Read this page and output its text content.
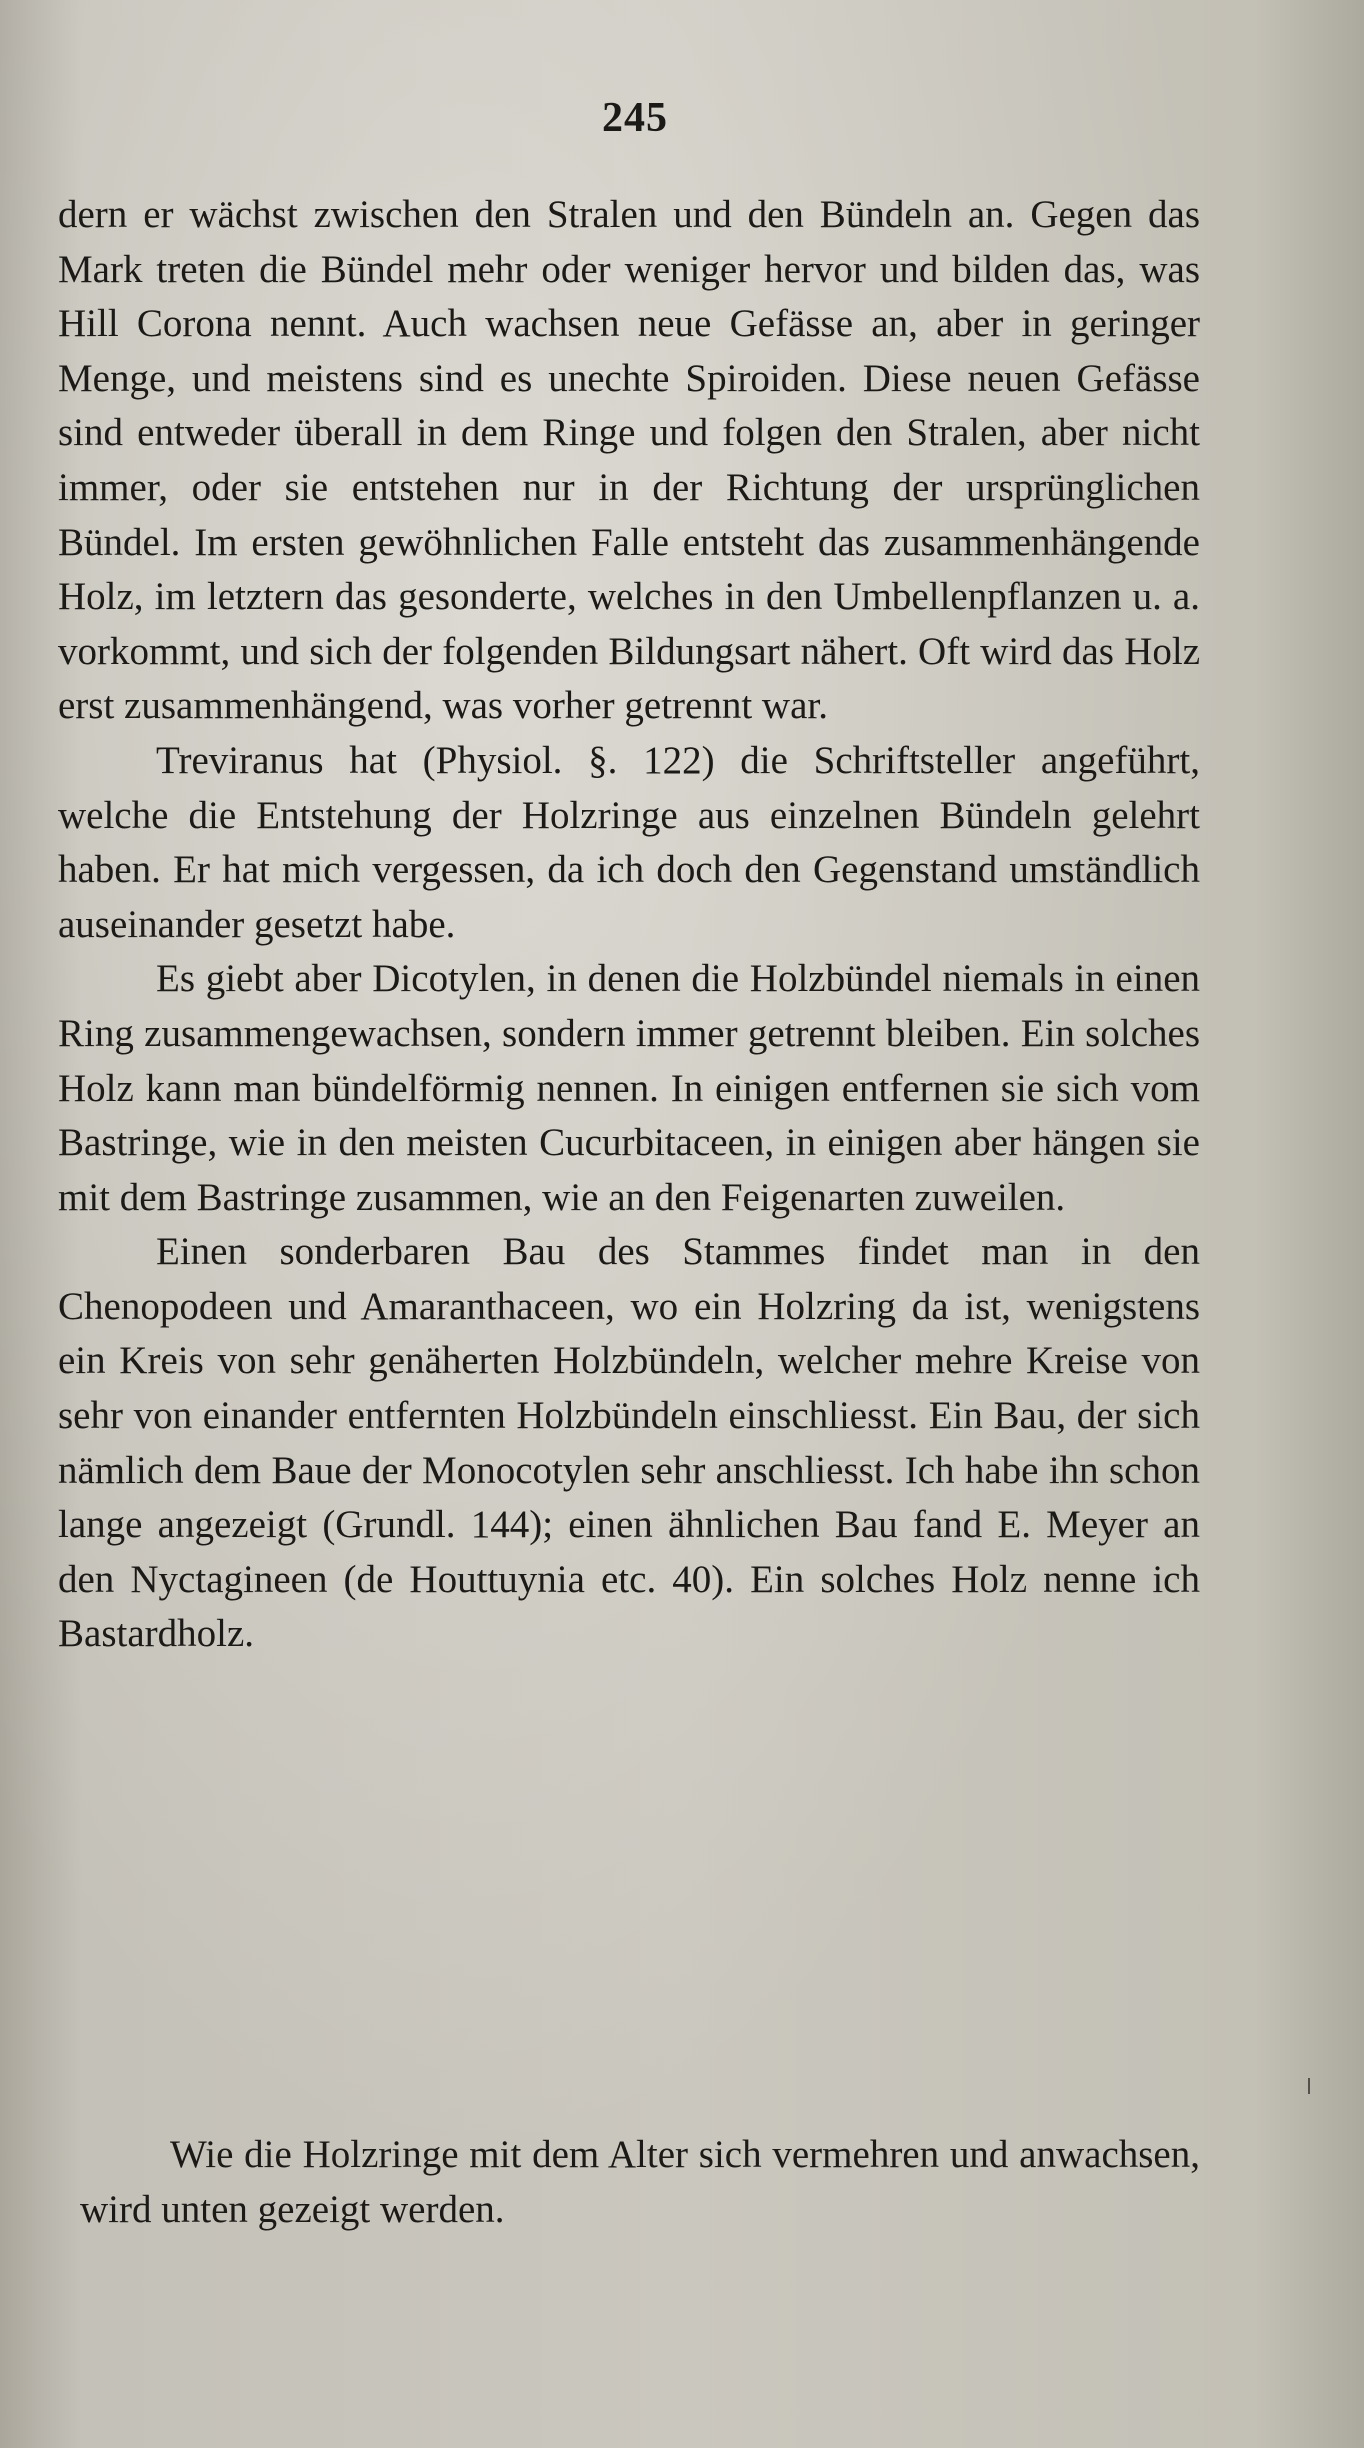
245

dern er wächst zwischen den Stralen und den Bündeln an. Gegen das Mark treten die Bündel mehr oder weniger hervor und bilden das, was Hill Corona nennt. Auch wachsen neue Gefässe an, aber in geringer Menge, und meistens sind es unechte Spiroiden. Diese neuen Gefässe sind entweder überall in dem Ringe und folgen den Stralen, aber nicht immer, oder sie entstehen nur in der Richtung der ursprünglichen Bündel. Im ersten gewöhnlichen Falle entsteht das zusammenhängende Holz, im letztern das gesonderte, welches in den Umbellenpflanzen u. a. vorkommt, und sich der folgenden Bildungsart nähert. Oft wird das Holz erst zusammenhängend, was vorher getrennt war.

Treviranus hat (Physiol. §. 122) die Schriftsteller angeführt, welche die Entstehung der Holzringe aus einzelnen Bündeln gelehrt haben. Er hat mich vergessen, da ich doch den Gegenstand umständlich auseinander gesetzt habe.

Es giebt aber Dicotylen, in denen die Holzbündel niemals in einen Ring zusammengewachsen, sondern immer getrennt bleiben. Ein solches Holz kann man bündelförmig nennen. In einigen entfernen sie sich vom Bastringe, wie in den meisten Cucurbitaceen, in einigen aber hängen sie mit dem Bastringe zusammen, wie an den Feigenarten zuweilen.

Einen sonderbaren Bau des Stammes findet man in den Chenopodeen und Amaranthaceen, wo ein Holzring da ist, wenigstens ein Kreis von sehr genäherten Holzbündeln, welcher mehre Kreise von sehr von einander entfernten Holzbündeln einschliesst. Ein Bau, der sich nämlich dem Baue der Monocotylen sehr anschliesst. Ich habe ihn schon lange angezeigt (Grundl. 144); einen ähnlichen Bau fand E. Meyer an den Nyctagineen (de Houttuynia etc. 40). Ein solches Holz nenne ich Bastardholz.

Wie die Holzringe mit dem Alter sich vermehren und anwachsen, wird unten gezeigt werden.
